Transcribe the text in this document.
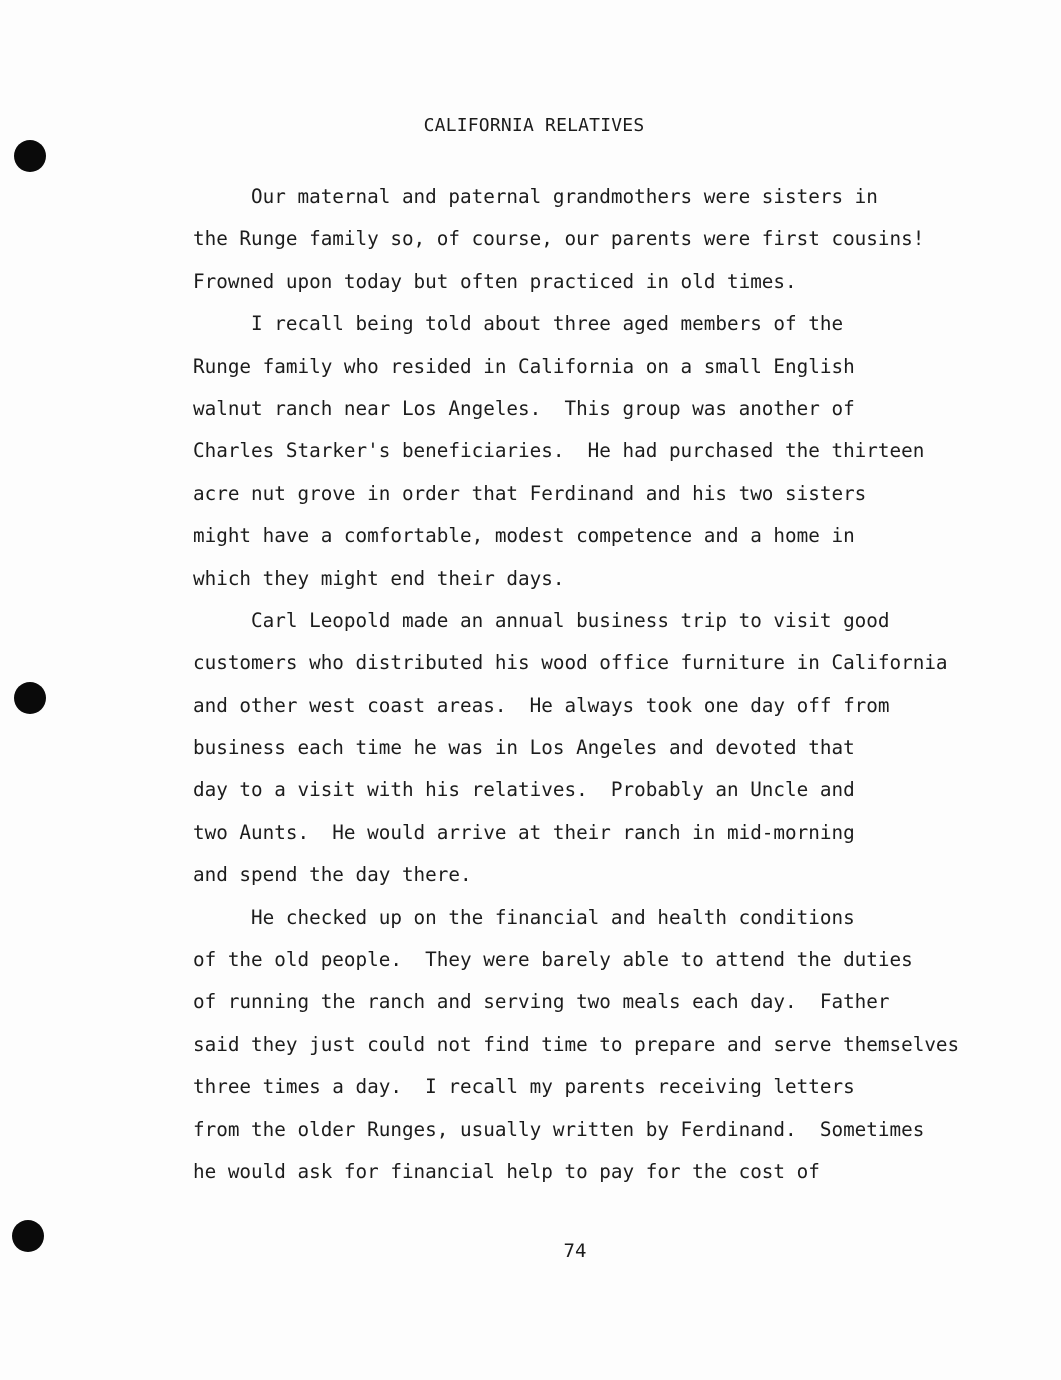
CALIFORNIA RELATIVES
Our maternal and paternal grandmothers were sisters in
the Runge family so, of course, our parents were first cousins!
Frowned upon today but often practiced in old times.
I recall being told about three aged members of the
Runge family who resided in California on a small English
walnut ranch near Los Angeles.  This group was another of
Charles Starker's beneficiaries.  He had purchased the thirteen
acre nut grove in order that Ferdinand and his two sisters
might have a comfortable, modest competence and a home in
which they might end their days.
Carl Leopold made an annual business trip to visit good
customers who distributed his wood office furniture in California
and other west coast areas.  He always took one day off from
business each time he was in Los Angeles and devoted that
day to a visit with his relatives.  Probably an Uncle and
two Aunts.  He would arrive at their ranch in mid-morning
and spend the day there.
He checked up on the financial and health conditions
of the old people.  They were barely able to attend the duties
of running the ranch and serving two meals each day.  Father
said they just could not find time to prepare and serve themselves
three times a day.  I recall my parents receiving letters
from the older Runges, usually written by Ferdinand.  Sometimes
he would ask for financial help to pay for the cost of
74
